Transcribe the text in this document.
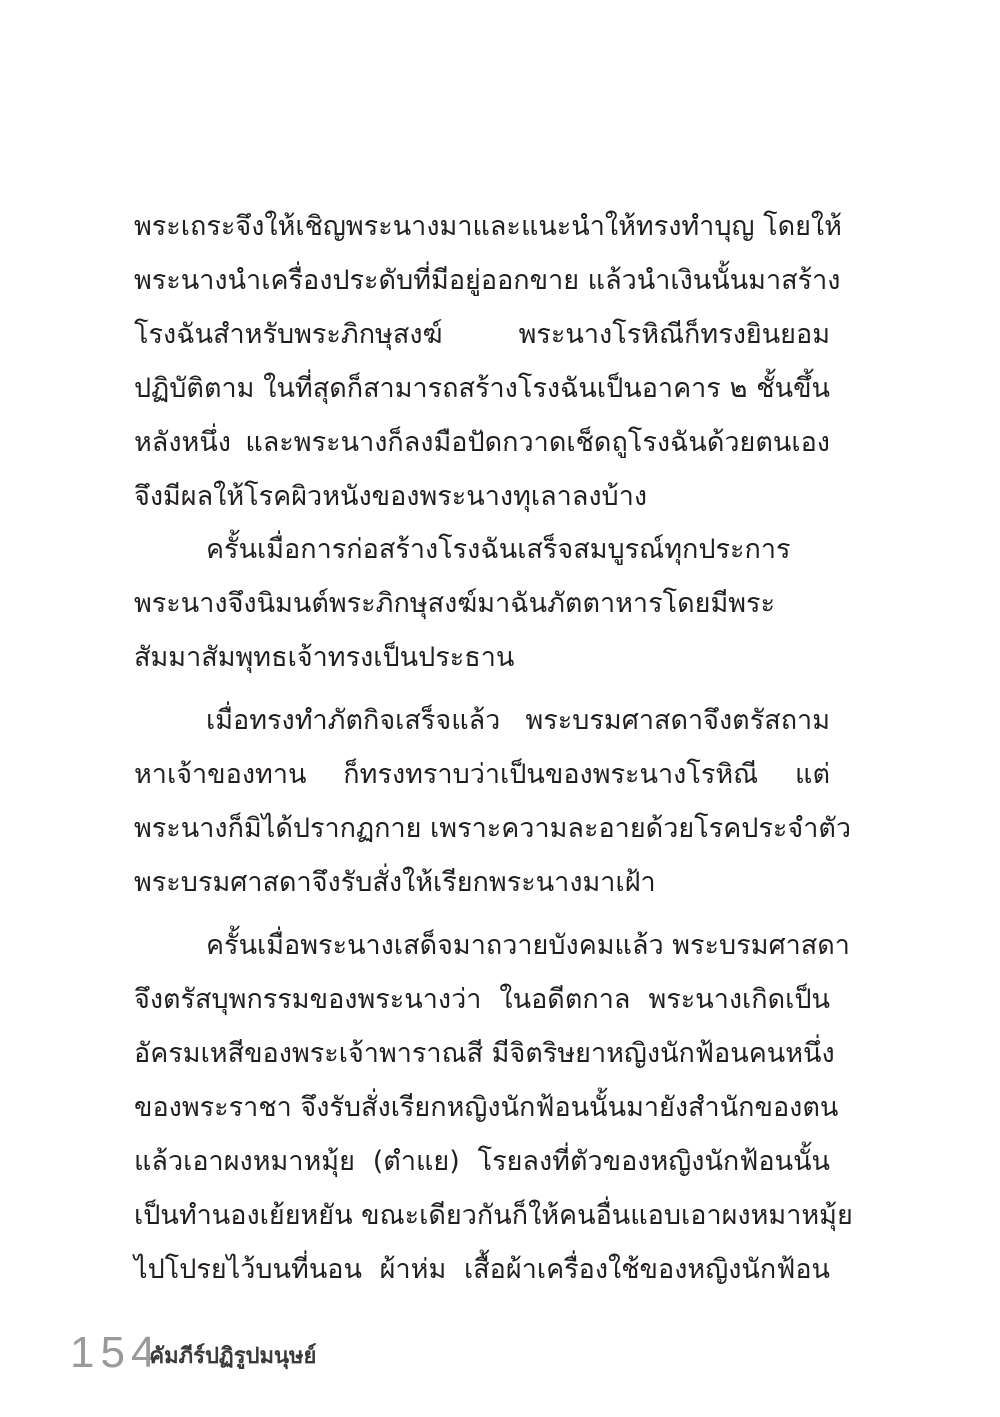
พระเถระจึงให้เชิญพระนางมาและแนะนำให้ทรงทำบุญ โดยให้
พระนางนำเครื่องประดับที่มีอยู่ออกขาย แล้วนำเงินนั้นมาสร้าง
โรงฉันสำหรับพระภิกษุสงฆ์ พระนางโรหิณีก็ทรงยินยอม
ปฏิบัติตาม ในที่สุดก็สามารถสร้างโรงฉันเป็นอาคาร ๒ ชั้นขึ้น
หลังหนึ่ง และพระนางก็ลงมือปัดกวาดเช็ดถูโรงฉันด้วยตนเอง
จึงมีผลให้โรคผิวหนังของพระนางทุเลาลงบ้าง
ครั้นเมื่อการก่อสร้างโรงฉันเสร็จสมบูรณ์ทุกประการ
พระนางจึงนิมนต์พระภิกษุสงฆ์มาฉันภัตตาหารโดยมีพระ
สัมมาสัมพุทธเจ้าทรงเป็นประธาน
เมื่อทรงทำภัตกิจเสร็จแล้ว พระบรมศาสดาจึงตรัสถาม
หาเจ้าของทาน ก็ทรงทราบว่าเป็นของพระนางโรหิณี แต่
พระนางก็มิได้ปรากฏกาย เพราะความละอายด้วยโรคประจำตัว
พระบรมศาสดาจึงรับสั่งให้เรียกพระนางมาเฝ้า
ครั้นเมื่อพระนางเสด็จมาถวายบังคมแล้ว พระบรมศาสดา
จึงตรัสบุพกรรมของพระนางว่า ในอดีตกาล พระนางเกิดเป็น
อัครมเหสีของพระเจ้าพาราณสี มีจิตริษยาหญิงนักฟ้อนคนหนึ่ง
ของพระราชา จึงรับสั่งเรียกหญิงนักฟ้อนนั้นมายังสำนักของตน
แล้วเอาผงหมาหมุ้ย (ตำแย) โรยลงที่ตัวของหญิงนักฟ้อนนั้น
เป็นทำนองเย้ยหยัน ขณะเดียวกันก็ให้คนอื่นแอบเอาผงหมาหมุ้ย
ไปโปรยไว้บนที่นอน ผ้าห่ม เสื้อผ้าเครื่องใช้ของหญิงนักฟ้อน
154
คัมภีร์ปฏิรูปมนุษย์
